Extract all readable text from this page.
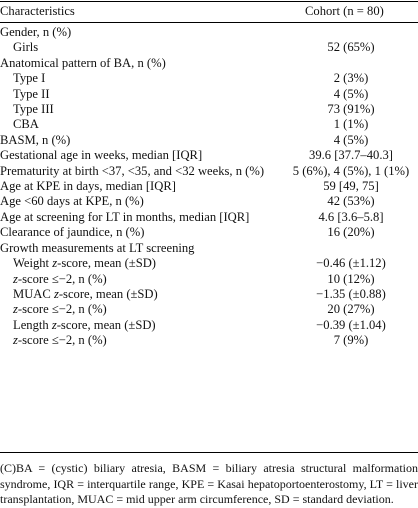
Characteristics	Cohort (n = 80)
Gender, n (%)	
Girls	52 (65%)
Anatomical pattern of BA, n (%)	
Type I	2 (3%)
Type II	4 (5%)
Type III	73 (91%)
CBA	1 (1%)
BASM, n (%)	4 (5%)
Gestational age in weeks, median [IQR]	39.6 [37.7–40.3]
Prematurity at birth <37, <35, and <32 weeks, n (%)	5 (6%), 4 (5%), 1 (1%)
Age at KPE in days, median [IQR]	59 [49, 75]
Age <60 days at KPE, n (%)	42 (53%)
Age at screening for LT in months, median [IQR]	4.6 [3.6–5.8]
Clearance of jaundice, n (%)	16 (20%)
Growth measurements at LT screening	
Weight z-score, mean (±SD)	−0.46 (±1.12)
z-score ≤−2, n (%)	10 (12%)
MUAC z-score, mean (±SD)	−1.35 (±0.88)
z-score ≤−2, n (%)	20 (27%)
Length z-score, mean (±SD)	−0.39 (±1.04)
z-score ≤−2, n (%)	7 (9%)
(C)BA = (cystic) biliary atresia, BASM = biliary atresia structural malformation syndrome, IQR = interquartile range, KPE = Kasai hepatoportoenterostomy, LT = liver transplantation, MUAC = mid upper arm circumference, SD = standard deviation.
